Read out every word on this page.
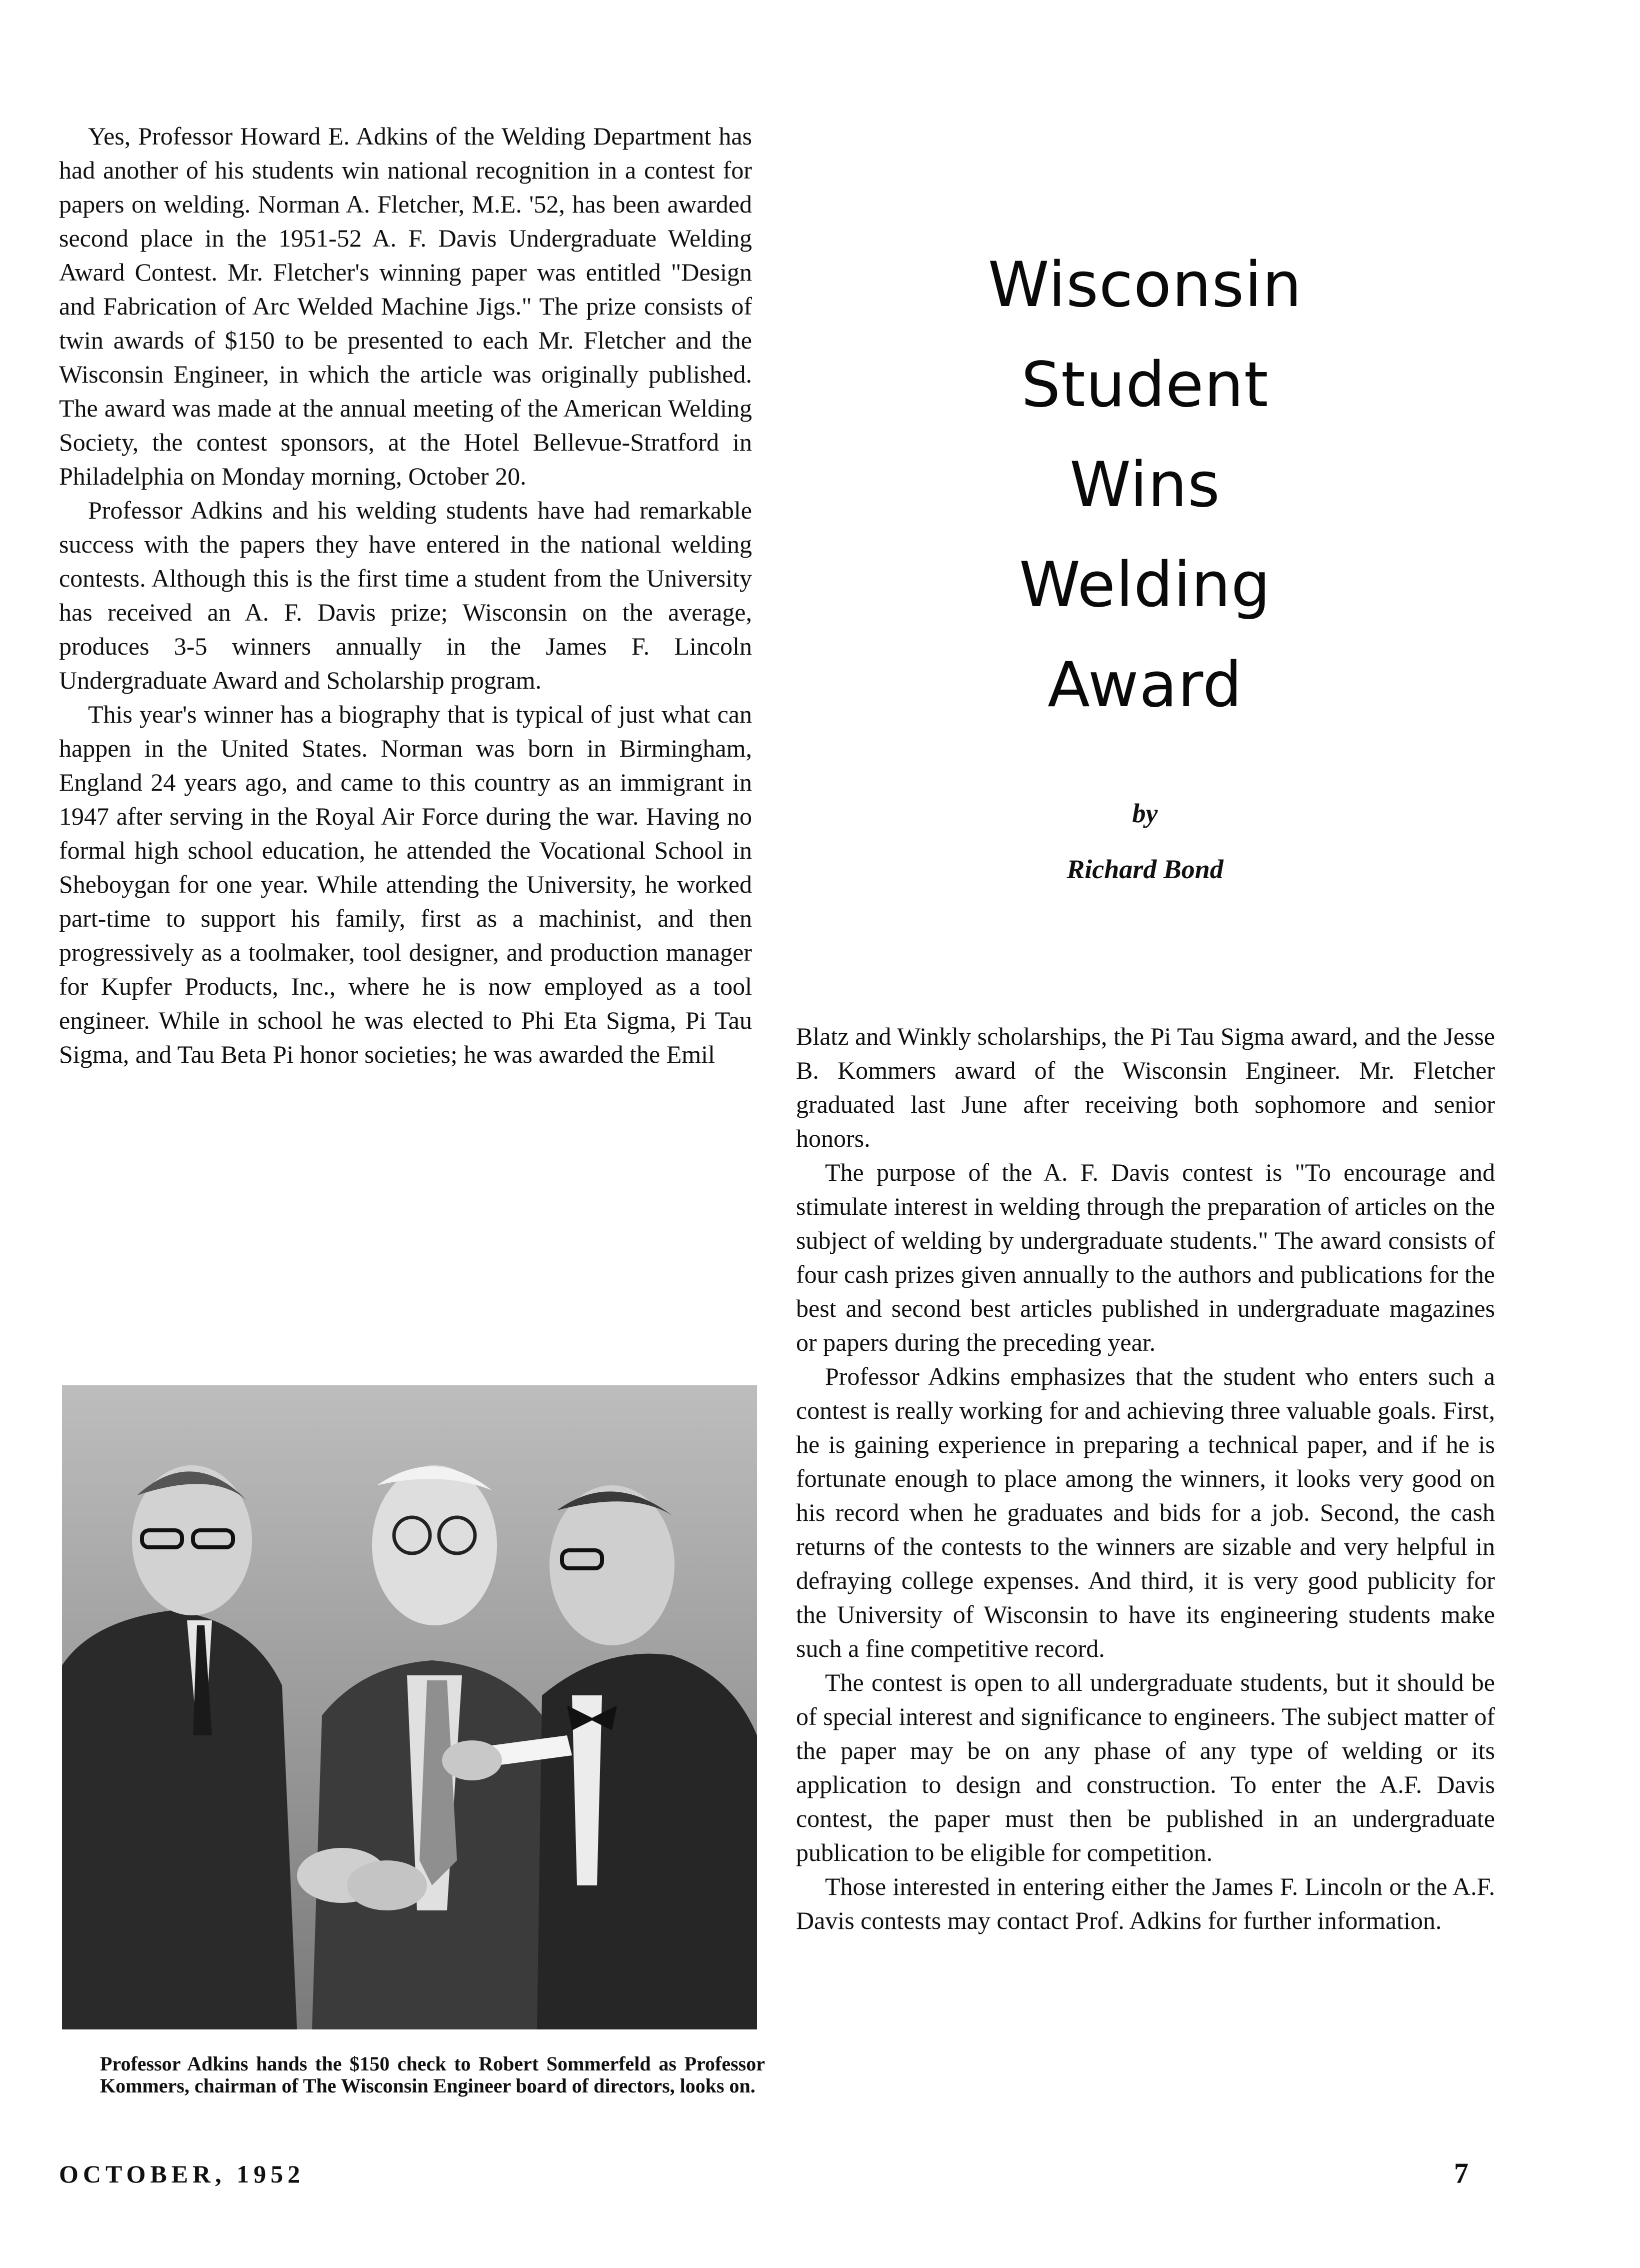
Yes, Professor Howard E. Adkins of the Welding Department has had another of his students win national recognition in a contest for papers on welding. Norman A. Fletcher, M.E. '52, has been awarded second place in the 1951-52 A. F. Davis Undergraduate Welding Award Contest. Mr. Fletcher's winning paper was entitled "Design and Fabrication of Arc Welded Machine Jigs." The prize consists of twin awards of $150 to be presented to each Mr. Fletcher and the Wisconsin Engineer, in which the article was originally published. The award was made at the annual meeting of the American Welding Society, the contest sponsors, at the Hotel Bellevue-Stratford in Philadelphia on Monday morning, October 20.

Professor Adkins and his welding students have had remarkable success with the papers they have entered in the national welding contests. Although this is the first time a student from the University has received an A. F. Davis prize; Wisconsin on the average, produces 3-5 winners annually in the James F. Lincoln Undergraduate Award and Scholarship program.

This year's winner has a biography that is typical of just what can happen in the United States. Norman was born in Birmingham, England 24 years ago, and came to this country as an immigrant in 1947 after serving in the Royal Air Force during the war. Having no formal high school education, he attended the Vocational School in Sheboygan for one year. While attending the University, he worked part-time to support his family, first as a machinist, and then progressively as a toolmaker, tool designer, and production manager for Kupfer Products, Inc., where he is now employed as a tool engineer. While in school he was elected to Phi Eta Sigma, Pi Tau Sigma, and Tau Beta Pi honor societies; he was awarded the Emil

Wisconsin
Student
Wins
Welding
Award
by
Richard Bond

Blatz and Winkly scholarships, the Pi Tau Sigma award, and the Jesse B. Kommers award of the Wisconsin Engineer. Mr. Fletcher graduated last June after receiving both sophomore and senior honors.

The purpose of the A. F. Davis contest is "To encourage and stimulate interest in welding through the preparation of articles on the subject of welding by undergraduate students." The award consists of four cash prizes given annually to the authors and publications for the best and second best articles published in undergraduate magazines or papers during the preceding year.

Professor Adkins emphasizes that the student who enters such a contest is really working for and achieving three valuable goals. First, he is gaining experience in preparing a technical paper, and if he is fortunate enough to place among the winners, it looks very good on his record when he graduates and bids for a job. Second, the cash returns of the contests to the winners are sizable and very helpful in defraying college expenses. And third, it is very good publicity for the University of Wisconsin to have its engineering students make such a fine competitive record.

The contest is open to all undergraduate students, but it should be of special interest and significance to engineers. The subject matter of the paper may be on any phase of any type of welding or its application to design and construction. To enter the A.F. Davis contest, the paper must then be published in an undergraduate publication to be eligible for competition.

Those interested in entering either the James F. Lincoln or the A.F. Davis contests may contact Prof. Adkins for further information.

Professor Adkins hands the $150 check to Robert Sommerfeld as Professor Kommers, chairman of The Wisconsin Engineer board of directors, looks on.
OCTOBER, 1952	7
